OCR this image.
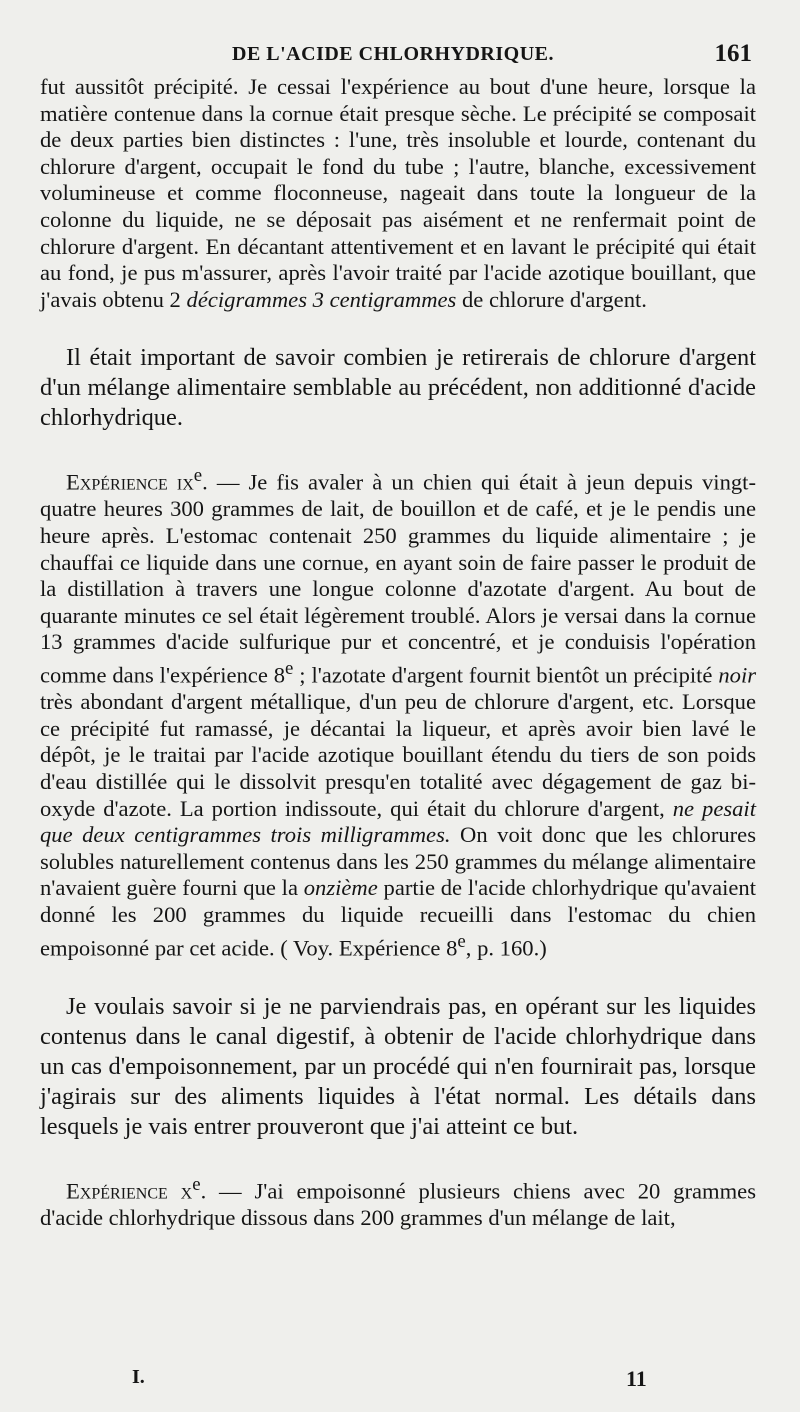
DE L'ACIDE CHLORHYDRIQUE.	161

fut aussitôt précipité. Je cessai l'expérience au bout d'une heure, lorsque la matière contenue dans la cornue était presque sèche. Le précipité se composait de deux parties bien distinctes : l'une, très insoluble et lourde, contenant du chlorure d'argent, occupait le fond du tube ; l'autre, blanche, excessivement volumineuse et comme floconneuse, nageait dans toute la longueur de la colonne du liquide, ne se déposait pas aisément et ne renfermait point de chlorure d'argent. En décantant attentivement et en lavant le précipité qui était au fond, je pus m'assurer, après l'avoir traité par l'acide azotique bouillant, que j'avais obtenu 2 décigrammes 3 centigrammes de chlorure d'argent.

Il était important de savoir combien je retirerais de chlorure d'argent d'un mélange alimentaire semblable au précédent, non additionné d'acide chlorhydrique.

Expérience $ix^e$. — Je fis avaler à un chien qui était à jeun depuis vingt-quatre heures 300 grammes de lait, de bouillon et de café, et je le pendis une heure après. L'estomac contenait 250 grammes du liquide alimentaire ; je chauffai ce liquide dans une cornue, en ayant soin de faire passer le produit de la distillation à travers une longue colonne d'azotate d'argent. Au bout de quarante minutes ce sel était légèrement troublé. Alors je versai dans la cornue 13 grammes d'acide sulfurique pur et concentré, et je conduisis l'opération comme dans l'expérience 8e ; l'azotate d'argent fournit bientôt un précipité noir très abondant d'argent métallique, d'un peu de chlorure d'argent, etc. Lorsque ce précipité fut ramassé, je décantai la liqueur, et après avoir bien lavé le dépôt, je le traitai par l'acide azotique bouillant étendu du tiers de son poids d'eau distillée qui le dissolvit presqu'en totalité avec dégagement de gaz bi-oxyde d'azote. La portion indissoute, qui était du chlorure d'argent, ne pesait que deux centigrammes trois milligrammes. On voit donc que les chlorures solubles naturellement contenus dans les 250 grammes du mélange alimentaire n'avaient guère fourni que la onzième partie de l'acide chlorhydrique qu'avaient donné les 200 grammes du liquide recueilli dans l'estomac du chien empoisonné par cet acide. ( Voy. Expérience 8e, p. 160.)

Je voulais savoir si je ne parviendrais pas, en opérant sur les liquides contenus dans le canal digestif, à obtenir de l'acide chlorhydrique dans un cas d'empoisonnement, par un procédé qui n'en fournirait pas, lorsque j'agirais sur des aliments liquides à l'état normal. Les détails dans lesquels je vais entrer prouveront que j'ai atteint ce but.

Expérience $x^e$. — J'ai empoisonné plusieurs chiens avec 20 grammes d'acide chlorhydrique dissous dans 200 grammes d'un mélange de lait,

I.	11
